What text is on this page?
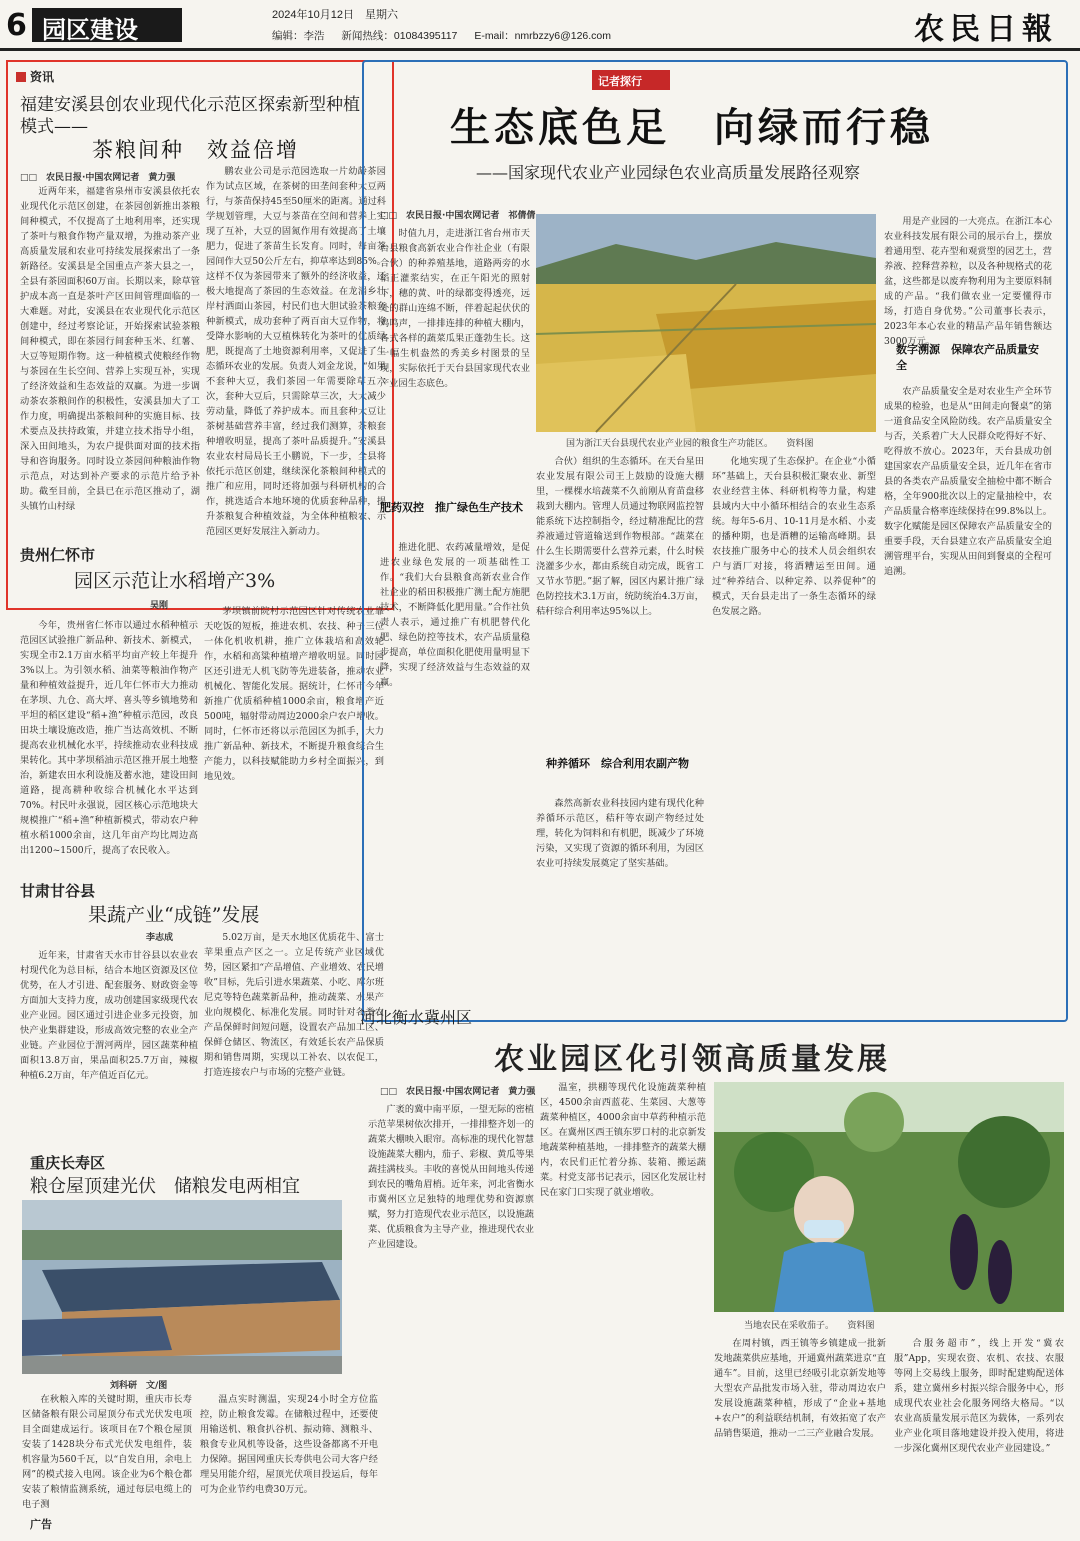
6 园区建设
2024年10月12日　星期六
编辑：李浩 新闻热线：01084395117 E-mail：nmrbzzy6@126.com	农民日報
资讯
福建安溪县创农业现代化示范区探索新型种植模式——
茶粮间种　效益倍增
□□　农民日报·中国农网记者　黄力强

近两年来，福建省泉州市安溪县依托农业现代化示范区创建，在茶园创新推出茶粮间种模式，不仅提高了土地利用率，还实现了茶叶与粮食作物产量双增，为推动茶产业高质量发展和农业可持续发展探索出了一条新路径。安溪县是全国重点产茶大县之一，全县有茶园面积60万亩。长期以来，除草管护成本高一直是茶叶产区田间管理面临的一大难题。对此，安溪县在农业现代化示范区创建中，经过考察论证，开始探索试验茶粮间种模式，即在茶园行间套种玉米、红薯、大豆等短期作物。这一种植模式使粮经作物与茶园在生长空间、营养上实现互补，实现了经济效益和生态效益的双赢。为进一步调动茶农茶粮间作的积极性，安溪县加大了工作力度，明确提出茶粮间种的实施目标、技术要点及扶持政策，并建立技术指导小组，深入田间地头，为农户提供面对面的技术指导和咨询服务。同时设立茶园间种粮油作物示范点，对达到补产要求的示范片给予补助。截至目前，全县已在示范区推动了，湖头镇竹山村绿

鹏农业公司是示范园选取一片幼龄茶园作为试点区域，在茶树的田垄间套种大豆两行，与茶苗保持45至50厘米的距离。通过科学规划管理，大豆与茶苗在空间和营养上实现了互补，大豆的固氮作用有效提高了土壤肥力，促进了茶苗生长发育。同时，每亩茶园间作大豆50公斤左右，抑草率达到85%。这样不仅为茶园带来了额外的经济收益，还极大地提高了茶园的生态效益。在龙涓乡壮岸村洒面山茶园，村民们也大胆试验茶粮套种新模式，成功套种了两百亩大豆作物，将受降水影响的大豆植株转化为茶叶的优质绿肥，既提高了土地资源利用率，又促进了生态循环农业的发展。负责人刘金龙说，“如果不套种大豆，我们茶园一年需要除草五六次，套种大豆后，只需除草三次，大大减少劳动量，降低了养护成本。而且套种大豆让茶树基础营养丰富，经过我们测算，茶粮套种增收明显，提高了茶叶品质提升。”安溪县农业农村局局长王小鹏说，下一步，全县将依托示范区创建，继续深化茶粮间种模式的推广和应用，同时还将加强与科研机构的合作，挑选适合本地环境的优质套种品种，提升茶粮复合种植效益，为全体种植粮农、示范园区更好发展注入新动力。

贵州仁怀市
园区示范让水稻增产3%
吴刚

今年，贵州省仁怀市以通过水稻种植示范园区试验推广新品种、新技术、新模式，实现全市2.1万亩水稻平均亩产较上年提升3%以上。为引领水稻、油菜等粮油作物产量和种植效益提升，近几年仁怀市大力推动在茅坝、九仓、高大坪、喜头等乡镇地势和平坦的稻区建设“稻+渔”种植示范园，改良田块土壤设施改造，推广当达高效机、不断提高农业机械化水平，持续推动农业科技成果转化。其中茅坝稻油示范区推开展土地整治，新建农田水利设施及蓄水池，建设田间道路，提高耕种收综合机械化水平达到70%。村民叶永强说，园区核心示范地块大规模推广“稻+渔”种植新模式，带动农户种植水稻1000余亩，这几年亩产均比周边高出1200~1500斤，提高了农民收入。

茅坝镇前院村示范园区针对传统农业靠天吃饭的短板，推进农机、农技、种子三位一体化机收机耕，推广立体栽培和高效轮作，水稻和高粱种植增产增收明显。同时园区还引进无人机飞防等先进装备，推动农业机械化、智能化发展。据统计，仁怀市今年新推广优质稻种植1000余亩，粮食增产近500吨，辐射带动周边2000余户农户增收。同时，仁怀市还将以示范园区为抓手，大力推广新品种、新技术，不断提升粮食综合生产能力，以科技赋能助力乡村全面振兴，到地见效。

甘肃甘谷县
果蔬产业“成链”发展
李志成

近年来，甘肃省天水市甘谷县以农业农村现代化为总目标，结合本地区资源及区位优势，在人才引进、配套服务、财政资金等方面加大支持力度，成功创建国家级现代农业产业园。园区通过引进企业多元投资，加快产业集群建设，形成高效完整的农业全产业链。产业园位于渭河两岸，园区蔬菜种植面积13.8万亩，果品面积25.7万亩，辣椒种植6.2万亩，年产值近百亿元。

5.02万亩，是天水地区优质花牛、富士苹果重点产区之一。立足传统产业区域优势，园区紧扣“产品增值、产业增效、农民增收”目标，先后引进水果蔬菜、小吃、库尔班尼克等特色蔬菜新品种，推动蔬菜、水果产业向规模化、标准化发展。同时针对各类农产品保鲜时间短问题，设置农产品加工区、保鲜仓储区、物流区，有效延长农产品保质期和销售周期，实现以工补农、以农促工，打造连接农户与市场的完整产业链。

重庆长寿区
粮仓屋顶建光伏　储粮发电两相宜
刘科研　文/图

在秋粮入库的关键时期，重庆市长寿区储备粮有限公司屋顶分布式光伏发电项目全面建成运行。该项目在7个粮仓屋顶安装了1428块分布式光伏发电组件，装机容量为560千瓦，以“自发自用，余电上网”的模式接入电网。该企业为6个粮仓都安装了粮情监测系统，通过每层电缆上的电子测

温点实时测温，实现24小时全方位监控，防止粮食发霉。在储粮过程中，还要使用输送机、粮食扒谷机、振动筛、测粮斗、粮食专业风机等设备，这些设备都离不开电力保障。据国网重庆长寿供电公司大客户经理吴用能介绍，屋顶光伏项目投运后，每年可为企业节约电费30万元。

广告
记者探行
生态底色足　向绿而行稳
——国家现代农业产业园绿色农业高质量发展路径观察
□□　农民日报·中国农网记者　祁倩倩

时值九月，走进浙江省台州市天台县粮食高新农业合作社企业（有限合伙）的种养殖基地，道路两旁的水稻正灌浆结实，在正午阳光的照射下，穗的黄、叶的绿都变得透亮，远处的群山连绵不断，伴着起起伏伏的鸡鸣声，一排排连排的种植大棚内，各式各样的蔬菜瓜果正蓬勃生长。这一幅生机盎然的秀美乡村图景的呈现，实际依托于天台县国家现代农业产业园生态底色。

国为浙江天台县现代农业产业园的粮食生产功能区。　　资料图
肥药双控　推广绿色生产技术

推进化肥、农药减量增效，是促进农业绿色发展的一项基础性工作。“我们大台县粮食高新农业合作社企业的稻田积极推广测土配方施肥技术，不断降低化肥用量。”合作社负责人表示，通过推广有机肥替代化肥、绿色防控等技术，农产品质量稳步提高，单位面积化肥使用量明显下降，实现了经济效益与生态效益的双赢。

合伙）组织的生态循环。在天台星田农业发展有限公司王上鼓励的设施大棚里，一棵棵水培蔬菜不久前刚从育苗盘移栽到大棚内。管理人员通过物联网监控智能系统下达控制指令，经过精准配比的营养液通过管道输送到作物根部。“蔬菜在什么生长期需要什么营养元素，什么时候浇灌多少水，都由系统自动完成，既省工又节水节肥。”据了解，园区内累计推广绿色防控技术3.1万亩，统防统治4.3万亩，秸秆综合利用率达95%以上。

种养循环　综合利用农副产物

森然高新农业科技园内建有现代化种养循环示范区，秸秆等农副产物经过处理，转化为饲料和有机肥，既减少了环境污染，又实现了资源的循环利用，为园区农业可持续发展奠定了坚实基础。

化地实现了生态保护。在企业“小循环”基础上，天台县积极汇聚农业、新型农业经营主体、科研机构等力量，构建县域内大中小循环相结合的农业生态系统。每年5-6月、10-11月是水稻、小麦的播种期，也是酒糟的运输高峰期。县农技推广服务中心的技术人员会组织农户与酒厂对接，将酒糟运至田间。通过“种养结合、以种定养、以养促种”的模式，天台县走出了一条生态循环的绿色发展之路。

用是产业园的一大亮点。在浙江本心农业科技发展有限公司的展示台上，摆放着通用型、花卉型和观赏型的园艺土，营养液、控释营养粒，以及各种规格式的花盆，这些都是以废弃物利用为主要原料制成的产品。“我们做农业一定要懂得市场，打造自身优势。”公司董事长表示，2023年本心农业的精品产品年销售额达3000万元。

数字溯源　保障农产品质量安全

农产品质量安全是对农业生产全环节成果的检验，也是从“田间走向餐桌”的第一道食品安全风险防线。农产品质量安全与否，关系着广大人民群众吃得好不好、吃得放不放心。2023年，天台县成功创建国家农产品质量安全县，近几年在省市县的各类农产品质量安全抽检中都不断合格，全年900批次以上的定量抽检中，农产品质量合格率连续保持在99.8%以上。数字化赋能是园区保障农产品质量安全的重要手段，天台县建立农产品质量安全追溯管理平台，实现从田间到餐桌的全程可追溯。

河北衡水冀州区
农业园区化引领高质量发展
□□　农民日报·中国农网记者　黄力强

广袤的冀中南平原，一望无际的密植示范苹果树依次排开，一排排整齐划一的蔬菜大棚映入眼帘。高标准的现代化智慧设施蔬菜大棚内，茄子、彩椒、黄瓜等果蔬挂满枝头。丰收的喜悦从田间地头传递到农民的嘴角眉梢。近年来，河北省衡水市冀州区立足独特的地理优势和资源禀赋，努力打造现代农业示范区，以设施蔬菜、优质粮食为主导产业，推进现代农业产业园建设。

温室，拱棚等现代化设施蔬菜种植区，4500余亩西蓝花、生菜园、大葱等蔬菜种植区，4000余亩中草药种植示范区。在冀州区西王镇东罗口村的北京新发地蔬菜种植基地，一排排整齐的蔬菜大棚内，农民们正忙着分拣、装箱、搬运蔬菜。村党支部书记表示，园区化发展让村民在家门口实现了就业增收。

当地农民在采收茄子。　　资料图

在周村镇，西王镇等乡镇建成一批新发地蔬菜供应基地，开通冀州蔬菜进京“直通车”。目前，这里已经吸引北京新发地等大型农产品批发市场入驻，带动周边农户发展设施蔬菜种植，形成了“企业+基地+农户”的利益联结机制，有效拓宽了农产品销售渠道，推动一二三产业融合发展。

合服务超市”，线上开发“冀农服”App，实现农资、农机、农技、农服等网上交易线上服务，即时配建购配送体系，建立冀州乡村振兴综合服务中心，形成现代农业社会化服务网络大格局。“以农业高质量发展示范区为载体，一系列农业产业化项目落地建设并投入使用，将进一步深化冀州区现代农业产业园建设。”
